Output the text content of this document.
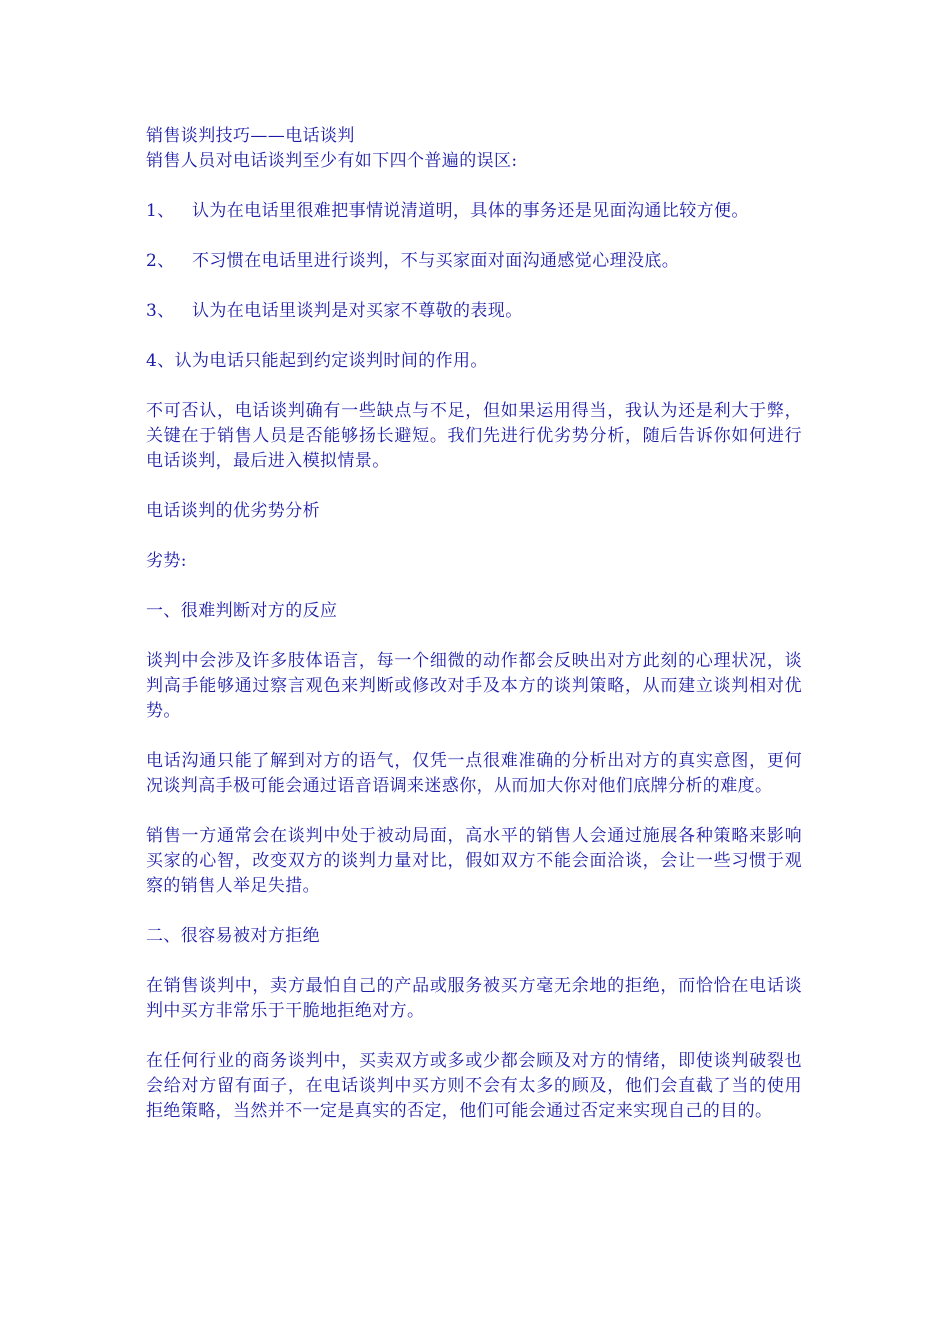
销售谈判技巧——电话谈判

销售人员对电话谈判至少有如下四个普遍的误区:

1、 认为在电话里很难把事情说清道明，具体的事务还是见面沟通比较方便。

2、 不习惯在电话里进行谈判，不与买家面对面沟通感觉心理没底。

3、 认为在电话里谈判是对买家不尊敬的表现。

4、认为电话只能起到约定谈判时间的作用。

不可否认，电话谈判确有一些缺点与不足，但如果运用得当，我认为还是利大于弊，关键在于销售人员是否能够扬长避短。我们先进行优劣势分析，随后告诉你如何进行电话谈判，最后进入模拟情景。

电话谈判的优劣势分析

劣势:

一、很难判断对方的反应

谈判中会涉及许多肢体语言，每一个细微的动作都会反映出对方此刻的心理状况，谈判高手能够通过察言观色来判断或修改对手及本方的谈判策略，从而建立谈判相对优势。

电话沟通只能了解到对方的语气，仅凭一点很难准确的分析出对方的真实意图，更何况谈判高手极可能会通过语音语调来迷惑你，从而加大你对他们底牌分析的难度。

销售一方通常会在谈判中处于被动局面，高水平的销售人会通过施展各种策略来影响买家的心智，改变双方的谈判力量对比，假如双方不能会面洽谈，会让一些习惯于观察的销售人举足失措。

二、很容易被对方拒绝

在销售谈判中，卖方最怕自己的产品或服务被买方毫无余地的拒绝，而恰恰在电话谈判中买方非常乐于干脆地拒绝对方。

在任何行业的商务谈判中，买卖双方或多或少都会顾及对方的情绪，即使谈判破裂也会给对方留有面子，在电话谈判中买方则不会有太多的顾及，他们会直截了当的使用拒绝策略，当然并不一定是真实的否定，他们可能会通过否定来实现自己的目的。
